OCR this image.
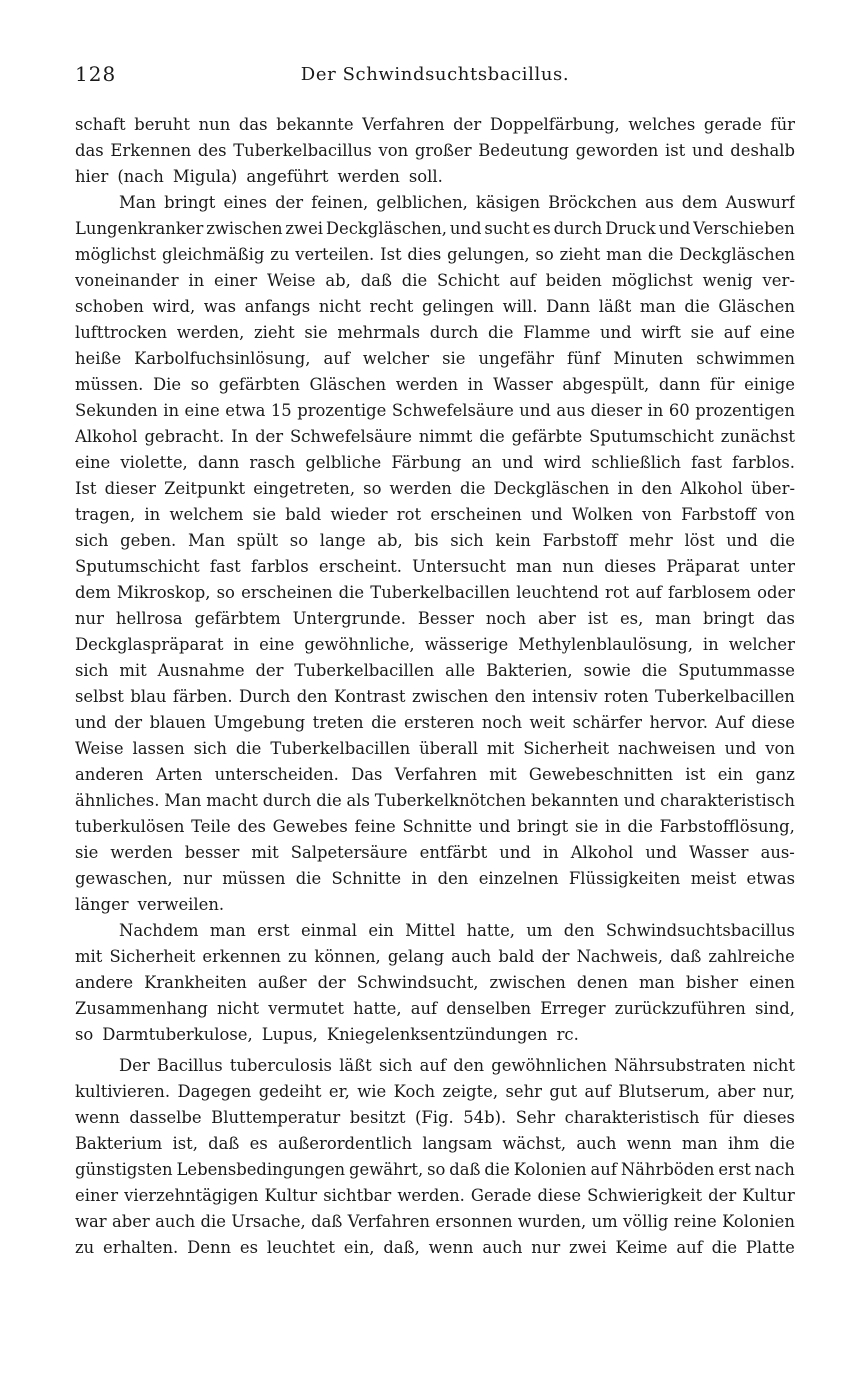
128	Der Schwindsuchtsbacillus.
schaft beruht nun das bekannte Verfahren der Doppelfärbung, welches gerade für
das Erkennen des Tuberkelbacillus von großer Bedeutung geworden ist und deshalb
hier (nach Migula) angeführt werden soll.
Man bringt eines der feinen, gelblichen, käsigen Bröckchen aus dem Auswurf
Lungenkranker zwischen zwei Deckgläschen, und sucht es durch Druck und Verschieben
möglichst gleichmäßig zu verteilen. Ist dies gelungen, so zieht man die Deckgläschen
voneinander in einer Weise ab, daß die Schicht auf beiden möglichst wenig ver-
schoben wird, was anfangs nicht recht gelingen will. Dann läßt man die Gläschen
lufttrocken werden, zieht sie mehrmals durch die Flamme und wirft sie auf eine
heiße Karbolfuchsinlösung, auf welcher sie ungefähr fünf Minuten schwimmen
müssen. Die so gefärbten Gläschen werden in Wasser abgespült, dann für einige
Sekunden in eine etwa 15 prozentige Schwefelsäure und aus dieser in 60 prozentigen
Alkohol gebracht. In der Schwefelsäure nimmt die gefärbte Sputumschicht zunächst
eine violette, dann rasch gelbliche Färbung an und wird schließlich fast farblos.
Ist dieser Zeitpunkt eingetreten, so werden die Deckgläschen in den Alkohol über-
tragen, in welchem sie bald wieder rot erscheinen und Wolken von Farbstoff von
sich geben. Man spült so lange ab, bis sich kein Farbstoff mehr löst und die
Sputumschicht fast farblos erscheint. Untersucht man nun dieses Präparat unter
dem Mikroskop, so erscheinen die Tuberkelbacillen leuchtend rot auf farblosem oder
nur hellrosa gefärbtem Untergrunde. Besser noch aber ist es, man bringt das
Deckglaspräparat in eine gewöhnliche, wässerige Methylenblaulösung, in welcher
sich mit Ausnahme der Tuberkelbacillen alle Bakterien, sowie die Sputummasse
selbst blau färben. Durch den Kontrast zwischen den intensiv roten Tuberkelbacillen
und der blauen Umgebung treten die ersteren noch weit schärfer hervor. Auf diese
Weise lassen sich die Tuberkelbacillen überall mit Sicherheit nachweisen und von
anderen Arten unterscheiden. Das Verfahren mit Gewebeschnitten ist ein ganz
ähnliches. Man macht durch die als Tuberkelknötchen bekannten und charakteristisch
tuberkulösen Teile des Gewebes feine Schnitte und bringt sie in die Farbstofflösung,
sie werden besser mit Salpetersäure entfärbt und in Alkohol und Wasser aus-
gewaschen, nur müssen die Schnitte in den einzelnen Flüssigkeiten meist etwas
länger verweilen.
Nachdem man erst einmal ein Mittel hatte, um den Schwindsuchtsbacillus
mit Sicherheit erkennen zu können, gelang auch bald der Nachweis, daß zahlreiche
andere Krankheiten außer der Schwindsucht, zwischen denen man bisher einen
Zusammenhang nicht vermutet hatte, auf denselben Erreger zurückzuführen sind,
so Darmtuberkulose, Lupus, Kniegelenksentzündungen rc.
Der Bacillus tuberculosis läßt sich auf den gewöhnlichen Nährsubstraten nicht
kultivieren. Dagegen gedeiht er, wie Koch zeigte, sehr gut auf Blutserum, aber nur,
wenn dasselbe Bluttemperatur besitzt (Fig. 54b). Sehr charakteristisch für dieses
Bakterium ist, daß es außerordentlich langsam wächst, auch wenn man ihm die
günstigsten Lebensbedingungen gewährt, so daß die Kolonien auf Nährböden erst nach
einer vierzehntägigen Kultur sichtbar werden. Gerade diese Schwierigkeit der Kultur
war aber auch die Ursache, daß Verfahren ersonnen wurden, um völlig reine Kolonien
zu erhalten. Denn es leuchtet ein, daß, wenn auch nur zwei Keime auf die Platte
